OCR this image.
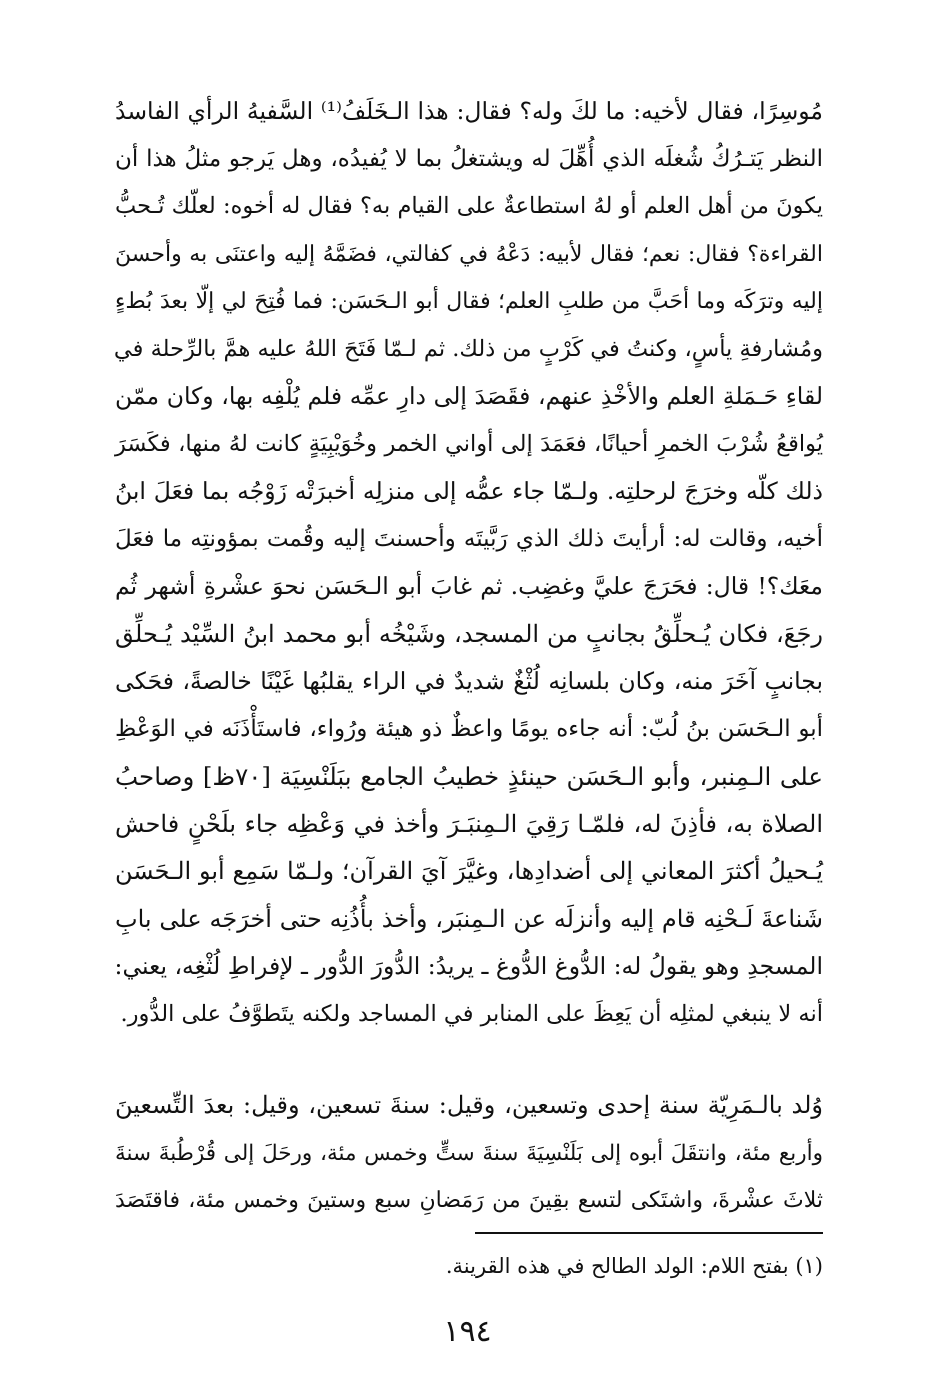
مُوسِرًا، فقال لأخيه: ما لكَ وله؟ فقال: هذا الـخَلَفُ⁽¹⁾ السَّفيهُ الرأي الفاسدُ
النظر يَتـرُكُ شُغلَه الذي أُهِّلَ له ويشتغلُ بما لا يُفيدُه، وهل يَرجو مثلُ هذا أن
يكونَ من أهل العلم أو لهُ استطاعةٌ على القيام به؟ فقال له أخوه: لعلّك تُـحبُّ
القراءة؟ فقال: نعم؛ فقال لأبيه: دَعْهُ في كفالتي، فضَمَّهُ إليه واعتنَى به وأحسنَ
إليه وترَكَه وما أحَبَّ من طلبِ العلم؛ فقال أبو الـحَسَن: فما فُتِحَ لي إلّا بعدَ بُطءٍ
ومُشارفةِ يأسٍ، وكنتُ في كَرْبٍ من ذلك. ثم لـمّا فَتَحَ اللهُ عليه همَّ بالرِّحلة في
لقاءِ حَـمَلةِ العلم والأخْذِ عنهم، فقَصَدَ إلى دارِ عمِّه فلم يُلْفِه بها، وكان ممّن
يُواقعُ شُرْبَ الخمرِ أحيانًا، فعَمَدَ إلى أواني الخمر وخُوَيْبِيَةٍ كانت لهُ منها، فكَسَرَ
ذلك كلّه وخرَجَ لرحلتِه. ولـمّا جاء عمُّه إلى منزلِه أخبرَتْه زَوْجُه بما فعَلَ ابنُ
أخيه، وقالت له: أرأيتَ ذلك الذي رَبَّيتَه وأحسنتَ إليه وقُمت بمؤونتِه ما فعَلَ
معَك؟! قال: فحَرَجَ عليَّ وغضِب. ثم غابَ أبو الـحَسَن نحوَ عشْرةِ أشهر ثُم
رجَعَ، فكان يُـحلِّقُ بجانبٍ من المسجد، وشَيْخُه أبو محمد ابنُ السِّيْد يُـحلِّق
بجانبٍ آخَرَ منه، وكان بلسانِه لُثْغٌ شديدٌ في الراء يقلبُها غَيْنًا خالصةً، فحَكى
أبو الـحَسَن بنُ لُبّ: أنه جاءه يومًا واعظٌ ذو هيئة ورُواء، فاستَأْذَنَه في الوَعْظِ
على الـمِنبر، وأبو الـحَسَن حينئذٍ خطيبُ الجامع ببَلَنْسِيَة [٧٠ظ] وصاحبُ
الصلاة به، فأذِنَ له، فلمّـا رَقِيَ الـمِنبَـرَ وأخذ في وَعْظِه جاء بلَحْنٍ فاحش
يُـحيلُ أكثرَ المعاني إلى أضدادِها، وغيَّرَ آيَ القرآن؛ ولـمّا سَمِع أبو الـحَسَن
شَناعةَ لَـحْنِه قام إليه وأنزلَه عن الـمِنبَر، وأخذ بأُذُنِه حتى أخرَجَه على بابِ
المسجدِ وهو يقولُ له: الدُّوغ الدُّوغ ـ يريدُ: الدُّورَ الدُّور ـ لإفراطِ لُثْغِه، يعني:
أنه لا ينبغي لمثلِه أن يَعِظَ على المنابر في المساجد ولكنه يتَطوَّفُ على الدُّور.
وُلد بالـمَرِيّة سنة إحدى وتسعين، وقيل: سنةَ تسعين، وقيل: بعدَ التِّسعينَ
وأربع مئة، وانتقَلَ أبوه إلى بَلَنْسِيَةَ سنةَ ستٍّ وخمس مئة، ورحَلَ إلى قُرْطُبةَ سنةَ
ثلاثَ عشْرةَ، واشتَكى لتسع بقِينَ من رَمَضانِ سبع وستينَ وخمس مئة، فاقتَصَدَ
(١) بفتح اللام: الولد الطالح في هذه القرينة.
١٩٤
